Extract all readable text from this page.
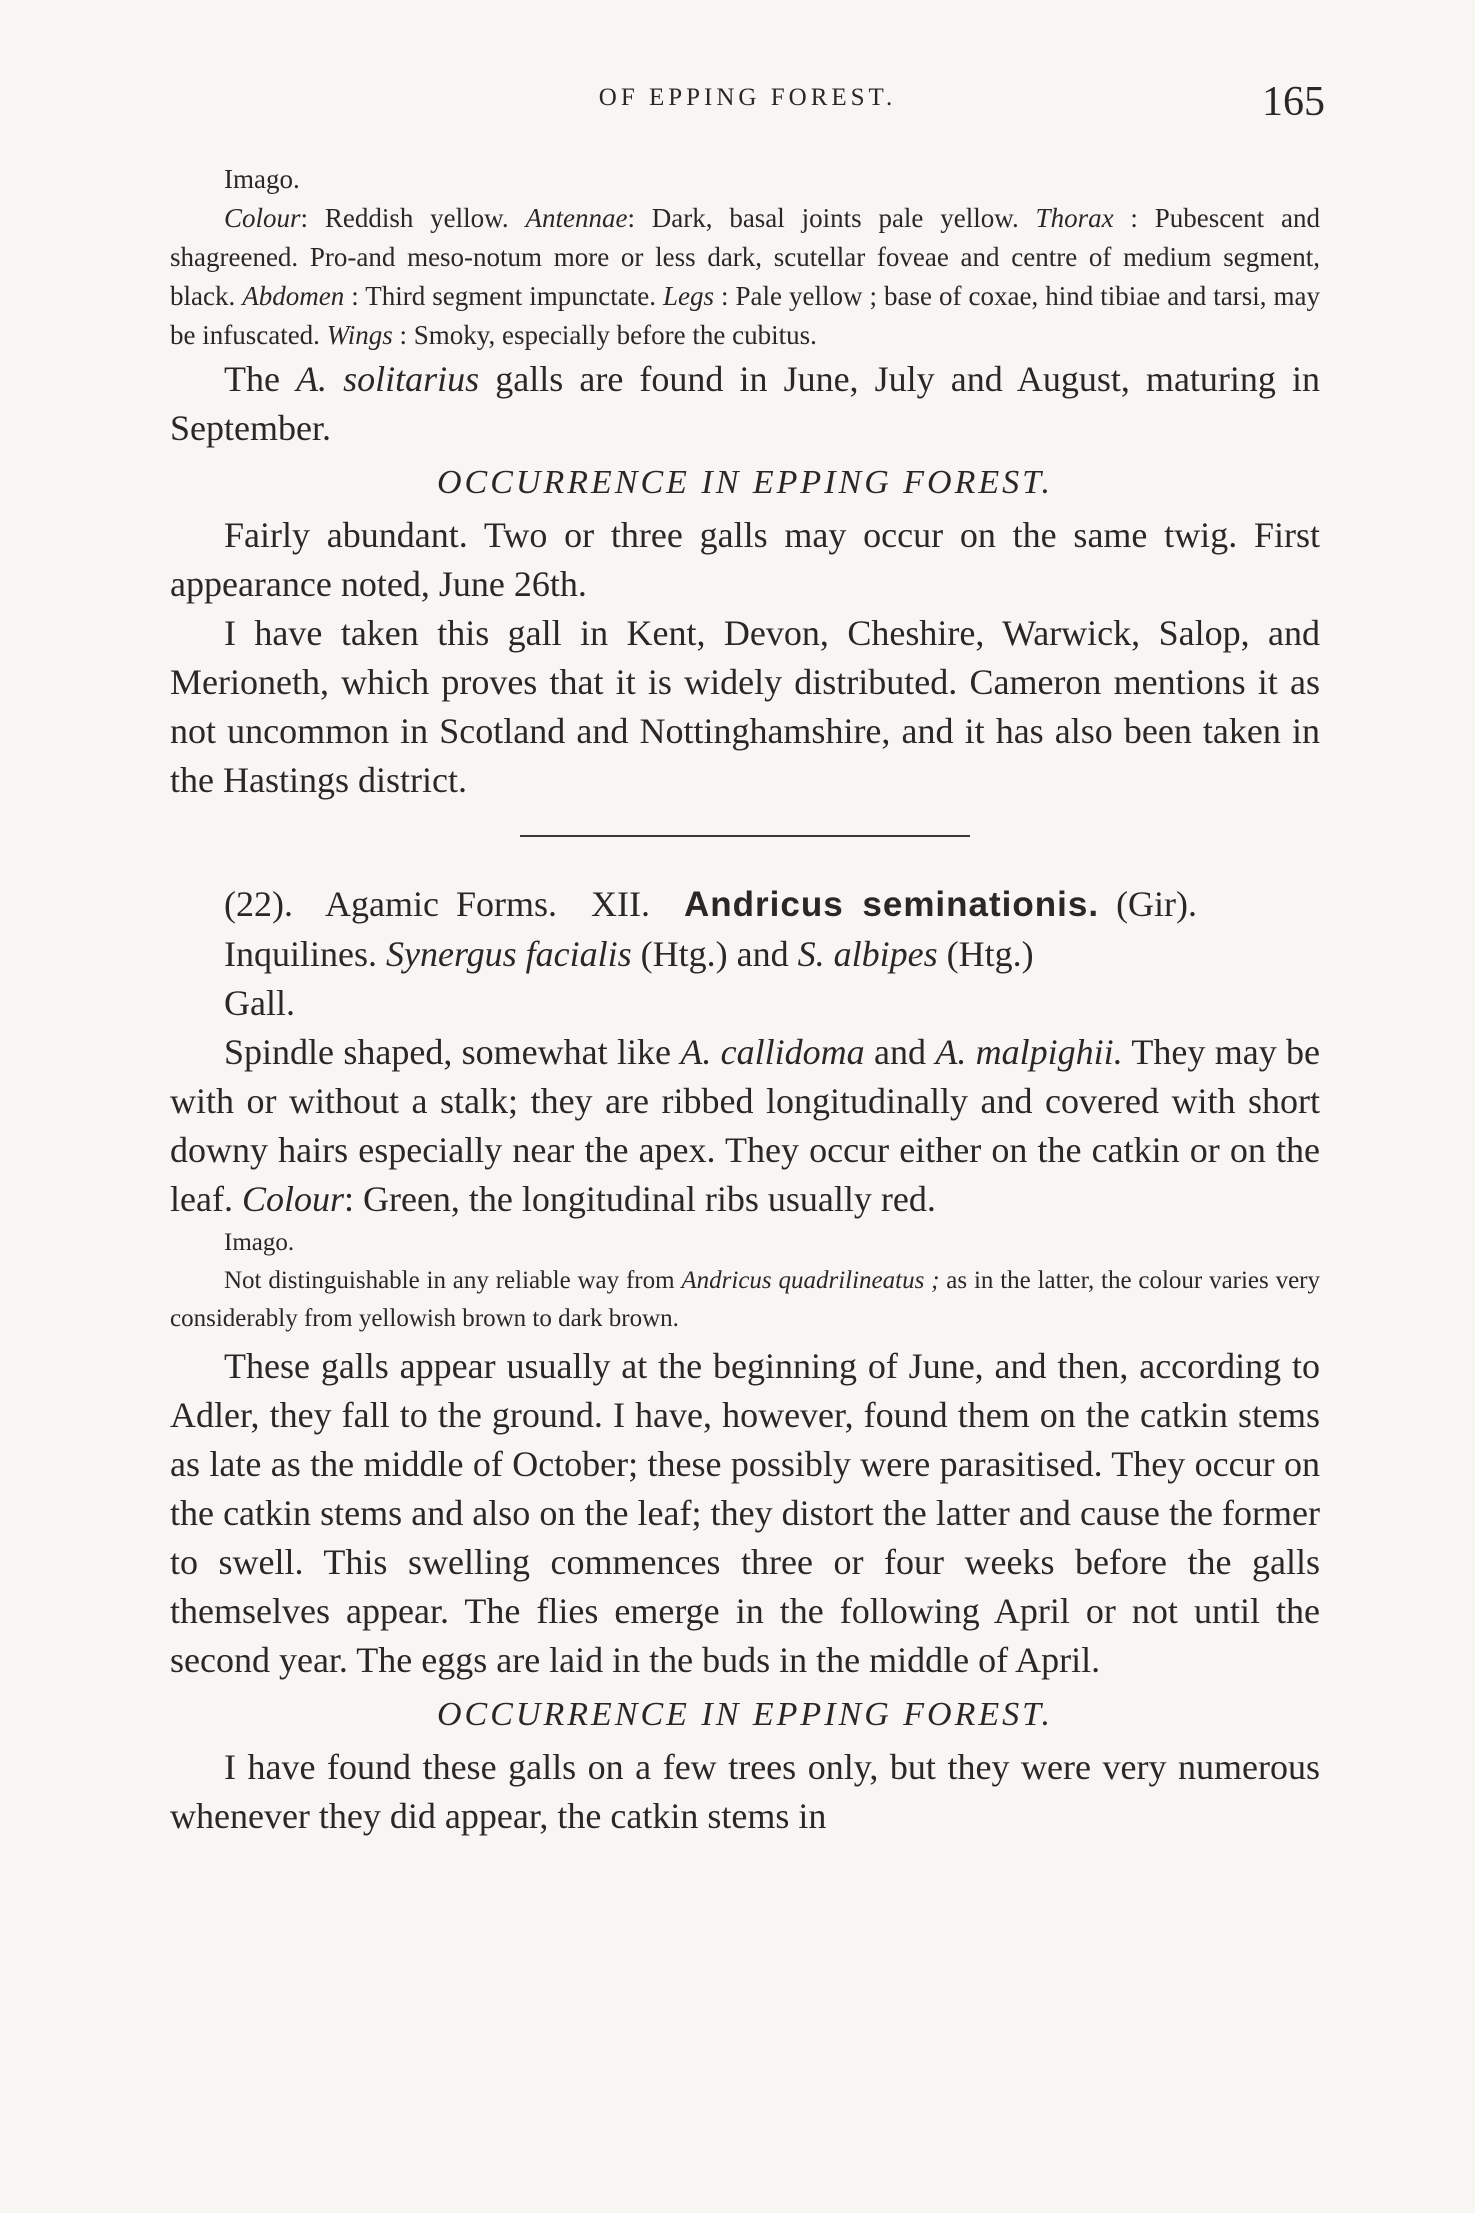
OF EPPING FOREST.	165

Imago.

Colour: Reddish yellow. Antennae: Dark, basal joints pale yellow. Thorax : Pubescent and shagreened. Pro-and meso-notum more or less dark, scutellar foveae and centre of medium segment, black. Abdomen : Third segment impunctate. Legs : Pale yellow ; base of coxae, hind tibiae and tarsi, may be infuscated. Wings : Smoky, especially before the cubitus.

The A. solitarius galls are found in June, July and August, maturing in September.

OCCURRENCE IN EPPING FOREST.

Fairly abundant. Two or three galls may occur on the same twig. First appearance noted, June 26th.

I have taken this gall in Kent, Devon, Cheshire, Warwick, Salop, and Merioneth, which proves that it is widely distributed. Cameron mentions it as not uncommon in Scotland and Nottinghamshire, and it has also been taken in the Hastings district.

(22). Agamic Forms. XII. Andricus seminationis. (Gir).

Inquilines. Synergus facialis (Htg.) and S. albipes (Htg.)

Gall.

Spindle shaped, somewhat like A. callidoma and A. malpighii. They may be with or without a stalk; they are ribbed longitudinally and covered with short downy hairs especially near the apex. They occur either on the catkin or on the leaf. Colour: Green, the longitudinal ribs usually red.

Imago.

Not distinguishable in any reliable way from Andricus quadrilineatus ; as in the latter, the colour varies very considerably from yellowish brown to dark brown.

These galls appear usually at the beginning of June, and then, according to Adler, they fall to the ground. I have, however, found them on the catkin stems as late as the middle of October; these possibly were parasitised. They occur on the catkin stems and also on the leaf; they distort the latter and cause the former to swell. This swelling commences three or four weeks before the galls themselves appear. The flies emerge in the following April or not until the second year. The eggs are laid in the buds in the middle of April.

OCCURRENCE IN EPPING FOREST.

I have found these galls on a few trees only, but they were very numerous whenever they did appear, the catkin stems in
